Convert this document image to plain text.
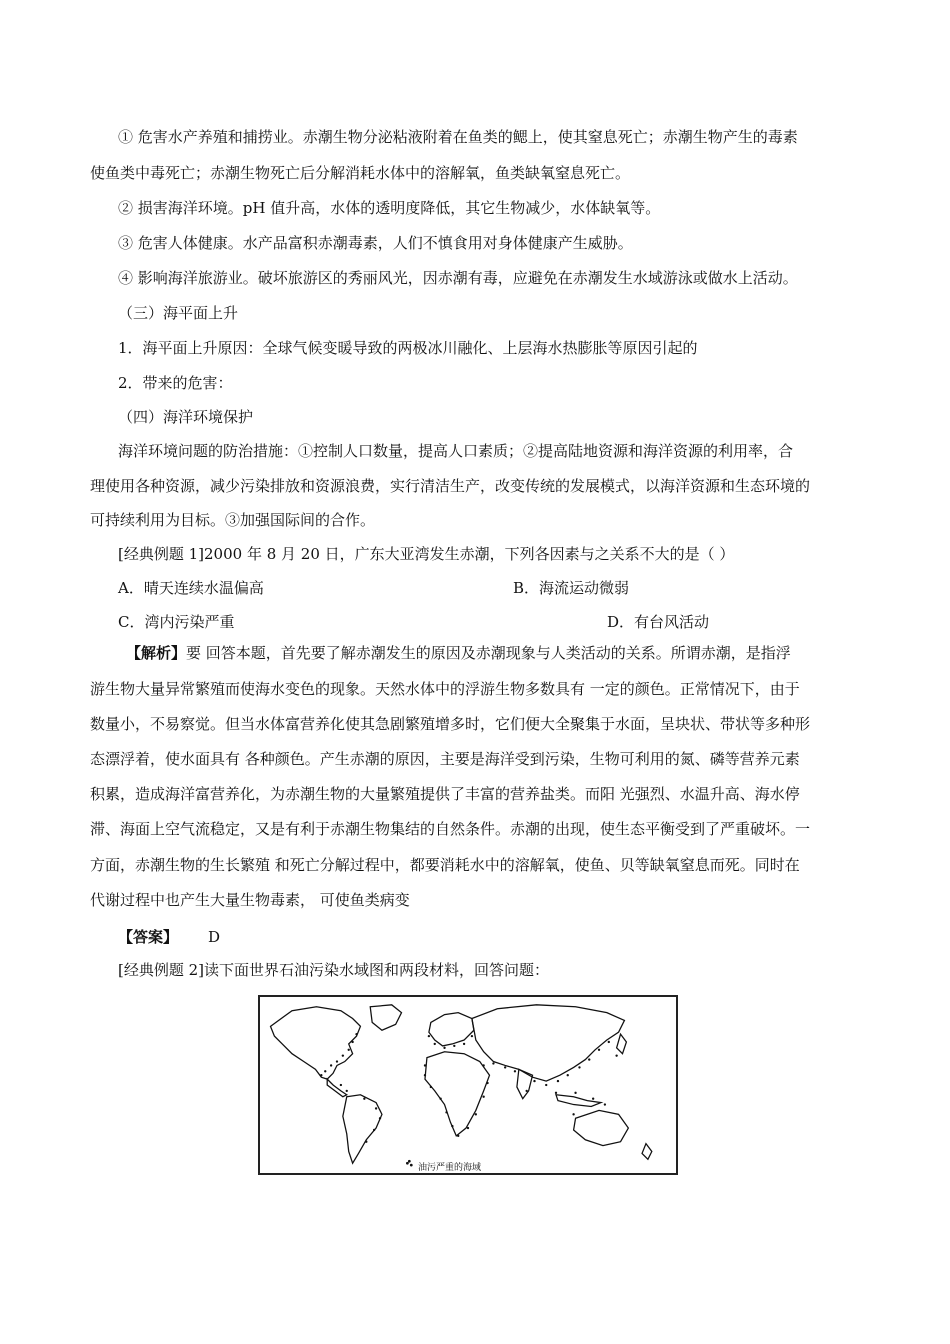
① 危害水产养殖和捕捞业。赤潮生物分泌粘液附着在鱼类的鳃上，使其窒息死亡；赤潮生物产生的毒素
使鱼类中毒死亡；赤潮生物死亡后分解消耗水体中的溶解氧，鱼类缺氧窒息死亡。
② 损害海洋环境。pH 值升高，水体的透明度降低，其它生物减少，水体缺氧等。
③ 危害人体健康。水产品富积赤潮毒素，人们不慎食用对身体健康产生威胁。
④ 影响海洋旅游业。破坏旅游区的秀丽风光，因赤潮有毒，应避免在赤潮发生水域游泳或做水上活动。
（三）海平面上升
1．海平面上升原因：全球气候变暖导致的两极冰川融化、上层海水热膨胀等原因引起的
2．带来的危害：
（四）海洋环境保护
海洋环境问题的防治措施：①控制人口数量，提高人口素质；②提高陆地资源和海洋资源的利用率，合
理使用各种资源，减少污染排放和资源浪费，实行清洁生产，改变传统的发展模式，以海洋资源和生态环境的
可持续利用为目标。③加强国际间的合作。
[经典例题 1]2000 年 8 月 20 日，广东大亚湾发生赤潮，下列各因素与之关系不大的是（ ）
A．晴天连续水温偏高	B．海流运动微弱
C．湾内污染严重	D．有台风活动
【解析】要 回答本题，首先要了解赤潮发生的原因及赤潮现象与人类活动的关系。所谓赤潮，是指浮
游生物大量异常繁殖而使海水变色的现象。天然水体中的浮游生物多数具有 一定的颜色。正常情况下，由于
数量小，不易察觉。但当水体富营养化使其急剧繁殖增多时，它们便大全聚集于水面，呈块状、带状等多种形
态漂浮着，使水面具有 各种颜色。产生赤潮的原因，主要是海洋受到污染，生物可利用的氮、磷等营养元素
积累，造成海洋富营养化，为赤潮生物的大量繁殖提供了丰富的营养盐类。而阳 光强烈、水温升高、海水停
滞、海面上空气流稳定，又是有利于赤潮生物集结的自然条件。赤潮的出现，使生态平衡受到了严重破坏。一
方面，赤潮生物的生长繁殖 和死亡分解过程中，都要消耗水中的溶解氧，使鱼、贝等缺氧窒息而死。同时在
代谢过程中也产生大量生物毒素， 可使鱼类病变
【答案】 D
[经典例题 2]读下面世界石油污染水域图和两段材料，回答问题：
油污严重的海域
